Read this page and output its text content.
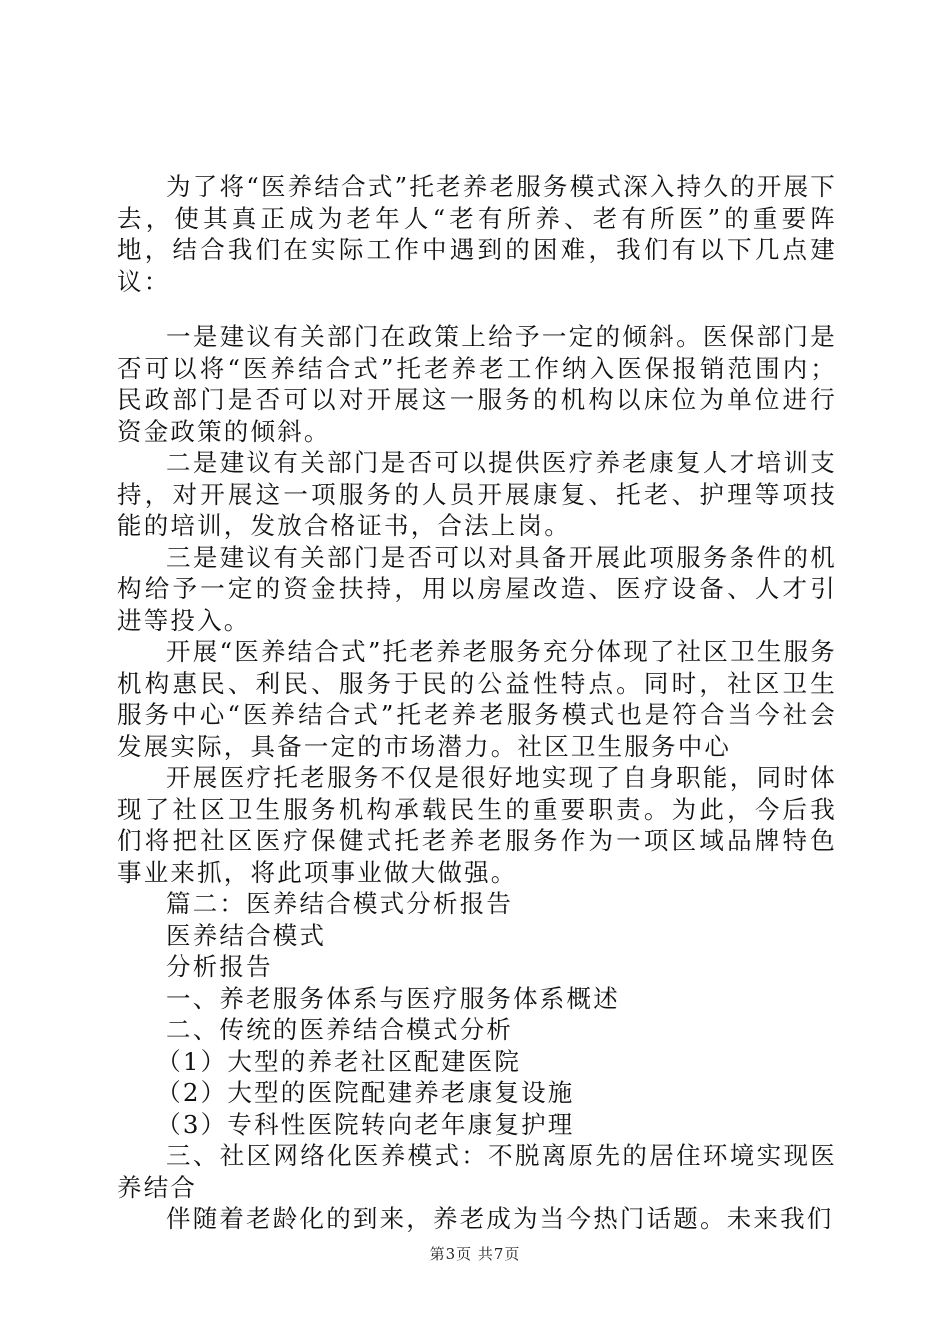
为了将“医养结合式”托老养老服务模式深入持久的开展下去，使其真正成为老年人“老有所养、老有所医”的重要阵地，结合我们在实际工作中遇到的困难，我们有以下几点建议：

一是建议有关部门在政策上给予一定的倾斜。医保部门是否可以将“医养结合式”托老养老工作纳入医保报销范围内；民政部门是否可以对开展这一服务的机构以床位为单位进行资金政策的倾斜。

二是建议有关部门是否可以提供医疗养老康复人才培训支持，对开展这一项服务的人员开展康复、托老、护理等项技能的培训，发放合格证书，合法上岗。

三是建议有关部门是否可以对具备开展此项服务条件的机构给予一定的资金扶持，用以房屋改造、医疗设备、人才引进等投入。

开展“医养结合式”托老养老服务充分体现了社区卫生服务机构惠民、利民、服务于民的公益性特点。同时，社区卫生服务中心“医养结合式”托老养老服务模式也是符合当今社会发展实际，具备一定的市场潜力。社区卫生服务中心

开展医疗托老服务不仅是很好地实现了自身职能，同时体现了社区卫生服务机构承载民生的重要职责。为此，今后我们将把社区医疗保健式托老养老服务作为一项区域品牌特色事业来抓，将此项事业做大做强。

篇二：医养结合模式分析报告

医养结合模式

分析报告

一、养老服务体系与医疗服务体系概述

二、传统的医养结合模式分析

（1）大型的养老社区配建医院

（2）大型的医院配建养老康复设施

（3）专科性医院转向老年康复护理

三、社区网络化医养模式：不脱离原先的居住环境实现医养结合

伴随着老龄化的到来，养老成为当今热门话题。未来我们

第3页 共7页
